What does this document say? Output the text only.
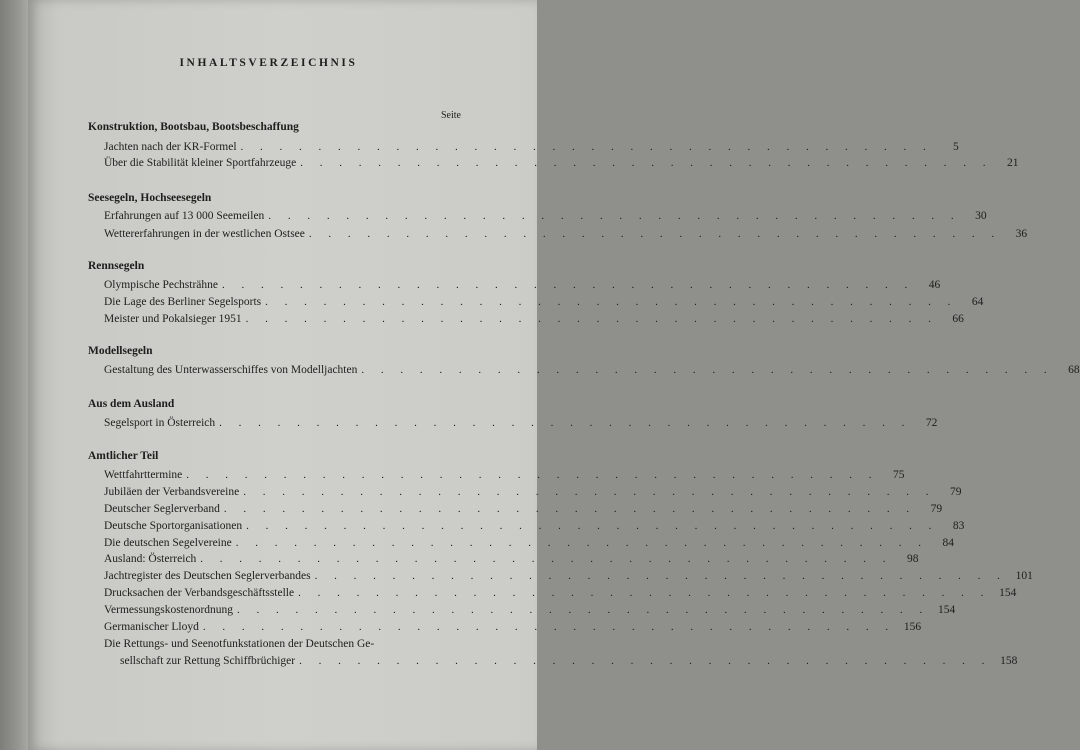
INHALTSVERZEICHNIS
Seite
Konstruktion, Bootsbau, Bootsbeschaffung
Jachten nach der KR-Formel . . . . . . . . . . . . . . . . . . . . . . . . . . . . . . . . . . . .	5
Über die Stabilität kleiner Sportfahrzeuge . . . . . . . . . . . . . . . . . . . . . . . . . . . . . . . . . . . .	21
Seesegeln, Hochseesegeln
Erfahrungen auf 13 000 Seemeilen . . . . . . . . . . . . . . . . . . . . . . . . . . . . . . . . . . . .	30
Wettererfahrungen in der westlichen Ostsee . . . . . . . . . . . . . . . . . . . . . . . . . . . . . . . . . . . .	36
Rennsegeln
Olympische Pechsträhne . . . . . . . . . . . . . . . . . . . . . . . . . . . . . . . . . . . .	46
Die Lage des Berliner Segelsports . . . . . . . . . . . . . . . . . . . . . . . . . . . . . . . . . . . .	64
Meister und Pokalsieger 1951 . . . . . . . . . . . . . . . . . . . . . . . . . . . . . . . . . . . .	66
Modellsegeln
Gestaltung des Unterwasserschiffes von Modelljachten . . . . . . . . . . . . . . . . . . . . . . . . . . . . . . . . . . . .	68
Aus dem Ausland
Segelsport in Österreich . . . . . . . . . . . . . . . . . . . . . . . . . . . . . . . . . . . .	72
Amtlicher Teil
Wettfahrttermine . . . . . . . . . . . . . . . . . . . . . . . . . . . . . . . . . . . .	75
Jubiläen der Verbandsvereine . . . . . . . . . . . . . . . . . . . . . . . . . . . . . . . . . . . .	79
Deutscher Seglerverband . . . . . . . . . . . . . . . . . . . . . . . . . . . . . . . . . . . .	79
Deutsche Sportorganisationen . . . . . . . . . . . . . . . . . . . . . . . . . . . . . . . . . . . .	83
Die deutschen Segelvereine . . . . . . . . . . . . . . . . . . . . . . . . . . . . . . . . . . . .	84
Ausland: Österreich . . . . . . . . . . . . . . . . . . . . . . . . . . . . . . . . . . . .	98
Jachtregister des Deutschen Seglerverbandes . . . . . . . . . . . . . . . . . . . . . . . . . . . . . . . . . . . . 101
Drucksachen der Verbandsgeschäftsstelle . . . . . . . . . . . . . . . . . . . . . . . . . . . . . . . . . . . . 154
Vermessungskostenordnung . . . . . . . . . . . . . . . . . . . . . . . . . . . . . . . . . . . . 154
Germanischer Lloyd . . . . . . . . . . . . . . . . . . . . . . . . . . . . . . . . . . . . 156
Die Rettungs- und Seenotfunkstationen der Deutschen Ge-
sellschaft zur Rettung Schiffbrüchiger . . . . . . . . . . . . . . . . . . . . . . . . . . . . . . . . . . . . 158
